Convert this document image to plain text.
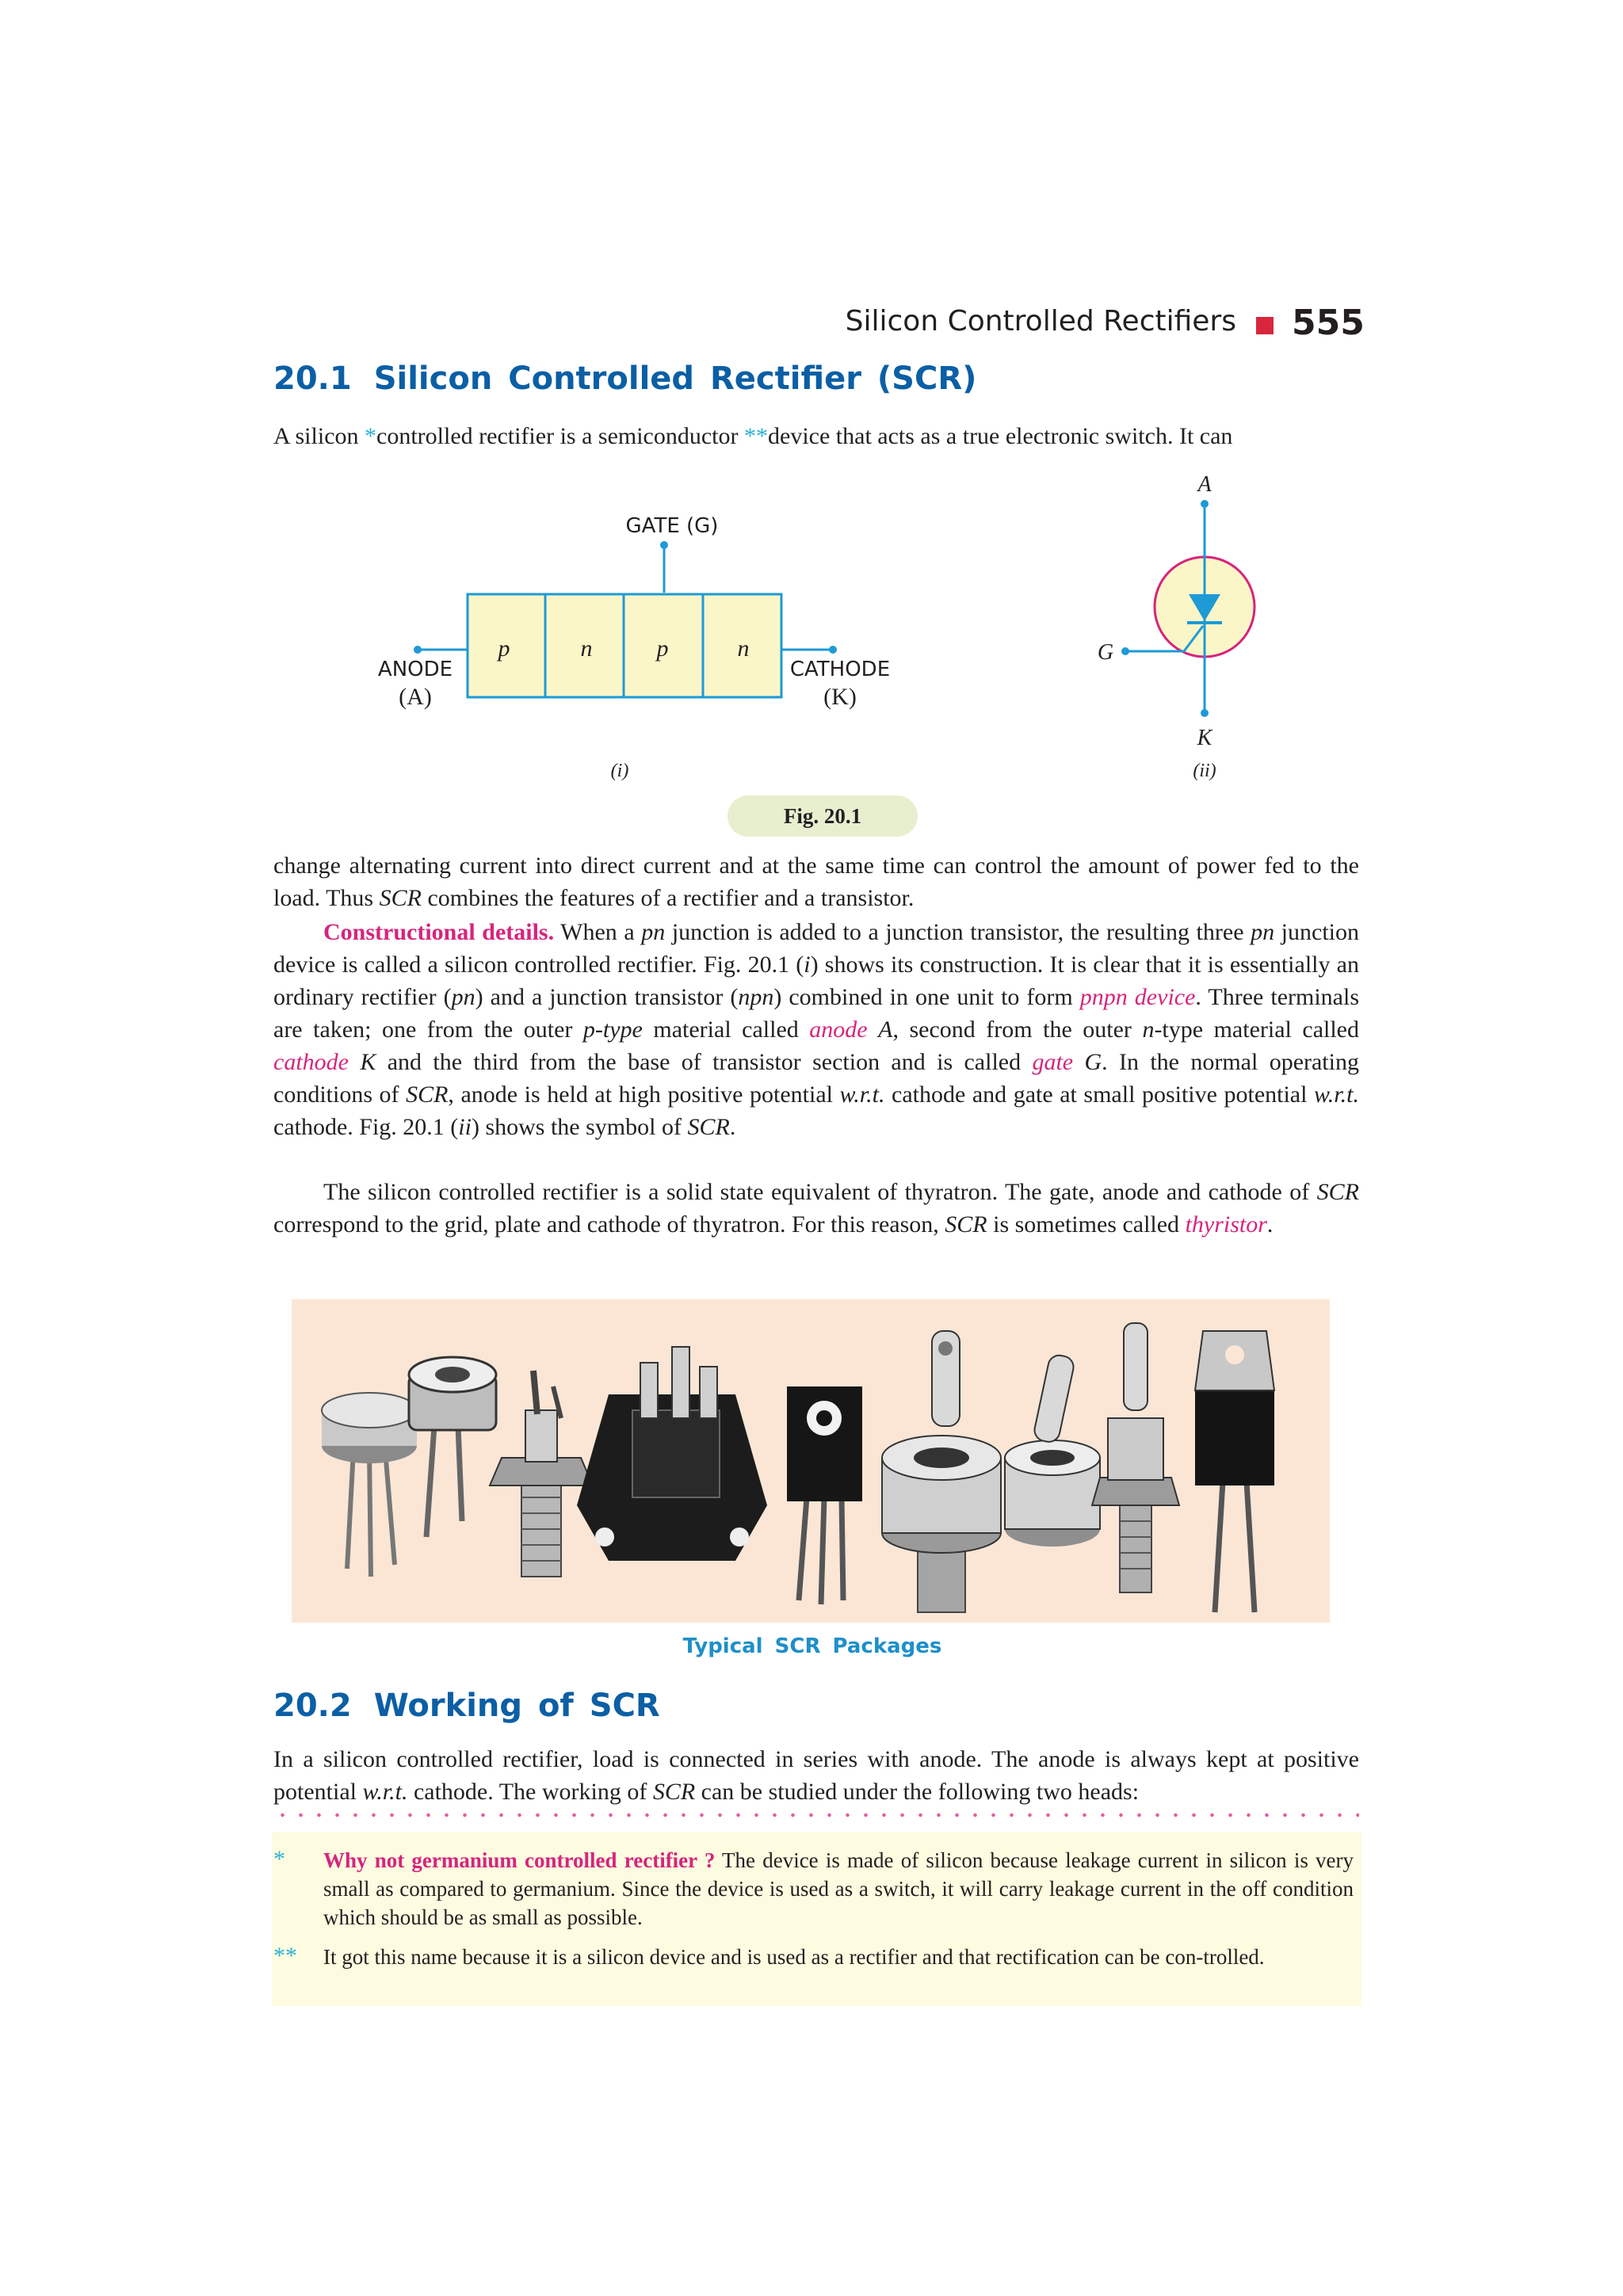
Silicon Controlled Rectifiers 555
20.1 Silicon Controlled Rectifier (SCR)
A silicon *controlled rectifier is a semiconductor **device that acts as a true electronic switch. It can
p	n	p	n
GATE (G)
ANODE
(A)
CATHODE
(K)
(i)
A
G
K
(ii)
Fig. 20.1
change alternating current into direct current and at the same time can control the amount of power fed to the load. Thus SCR combines the features of a rectifier and a transistor.
Constructional details. When a pn junction is added to a junction transistor, the resulting three pn junction device is called a silicon controlled rectifier. Fig. 20.1 (i) shows its construction. It is clear that it is essentially an ordinary rectifier (pn) and a junction transistor (npn) combined in one unit to form pnpn device. Three terminals are taken; one from the outer p-type material called anode A, second from the outer n-type material called cathode K and the third from the base of transistor section and is called gate G. In the normal operating conditions of SCR, anode is held at high positive potential w.r.t. cathode and gate at small positive potential w.r.t. cathode. Fig. 20.1 (ii) shows the symbol of SCR.
The silicon controlled rectifier is a solid state equivalent of thyratron. The gate, anode and cathode of SCR correspond to the grid, plate and cathode of thyratron. For this reason, SCR is sometimes called thyristor.
Typical SCR Packages
20.2 Working of SCR
In a silicon controlled rectifier, load is connected in series with anode. The anode is always kept at positive potential w.r.t. cathode. The working of SCR can be studied under the following two heads:
* Why not germanium controlled rectifier ? The device is made of silicon because leakage current in silicon is very small as compared to germanium. Since the device is used as a switch, it will carry leakage current in the off condition which should be as small as possible.
** It got this name because it is a silicon device and is used as a rectifier and that rectification can be con-trolled.
